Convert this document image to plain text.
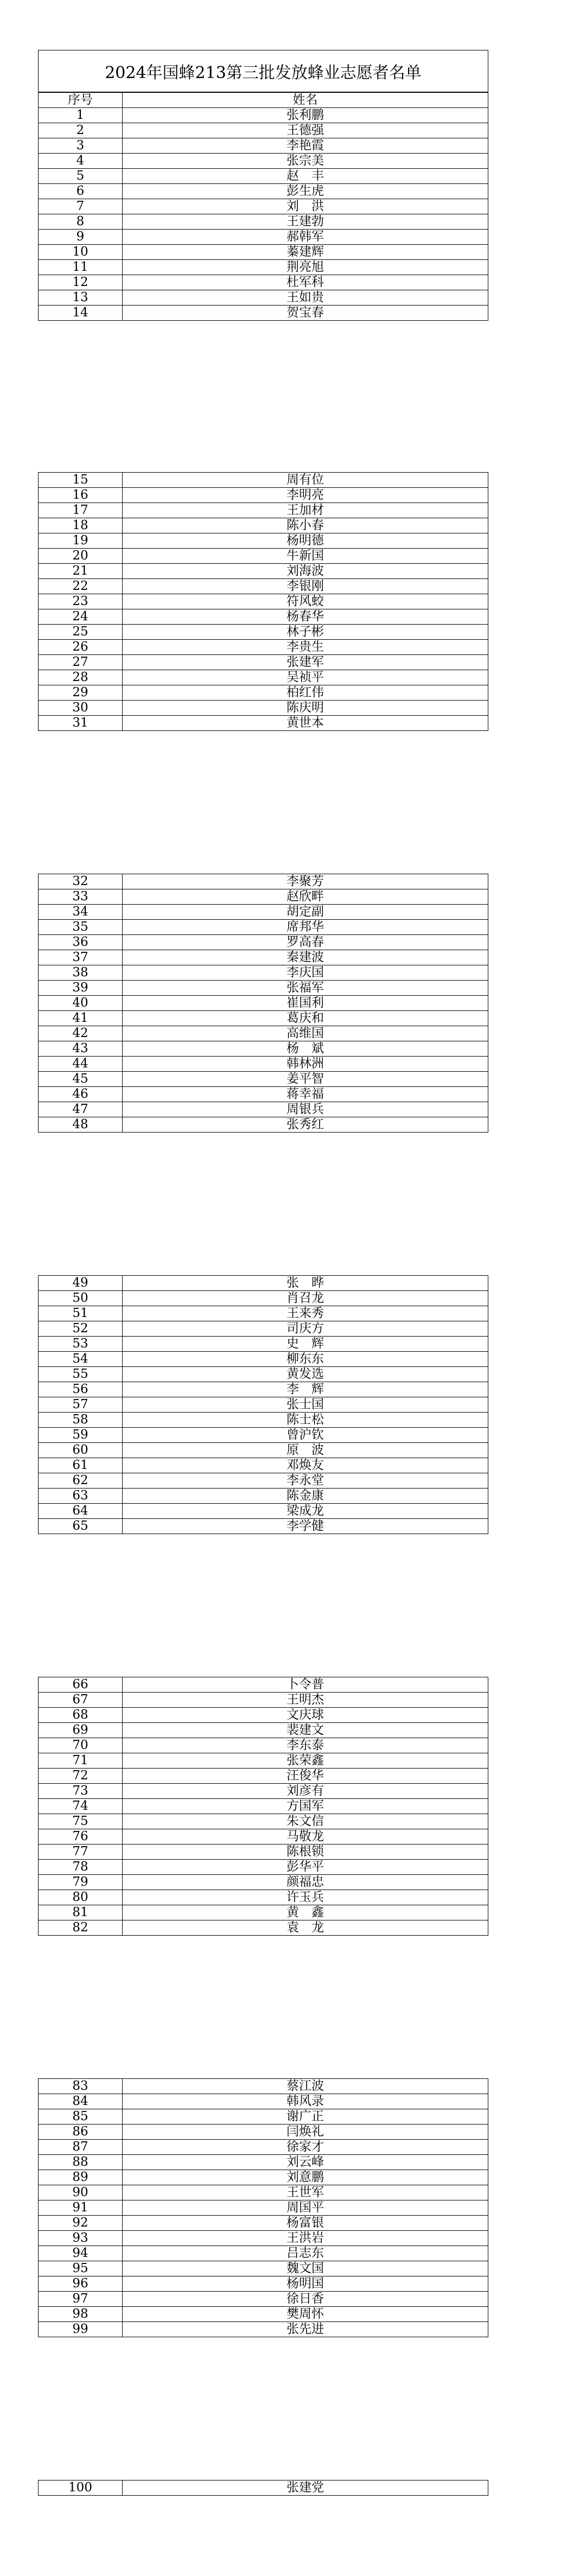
2024年国蜂213第三批发放蜂业志愿者名单
序号	姓名
1	张利鹏
2	王德强
3	李艳霞
4	张宗美
5	赵　丰
6	彭生虎
7	刘　洪
8	王建勃
9	郝韩军
10	蓁建辉
11	荆亮旭
12	杜军科
13	王如贵
14	贺宝春
15	周有位
16	李明亮
17	王加材
18	陈小春
19	杨明德
20	牛新国
21	刘海波
22	李银刚
23	符风蛟
24	杨春华
25	林子彬
26	李贵生
27	张建军
28	吴祯平
29	柏红伟
30	陈庆明
31	黄世本
32	李聚芳
33	赵欣畔
34	胡定副
35	席邦华
36	罗高春
37	秦建波
38	李庆国
39	张福军
40	崔国利
41	葛庆和
42	高维国
43	杨　斌
44	韩林洲
45	姜平智
46	蒋幸福
47	周银兵
48	张秀红
49	张　晔
50	肖召龙
51	王来秀
52	司庆方
53	史　辉
54	柳东东
55	黄发选
56	李　辉
57	张士国
58	陈士松
59	曾沪钦
60	原　波
61	邓焕友
62	李永堂
63	陈金康
64	梁成龙
65	李学健
66	卜令普
67	王明杰
68	文庆球
69	裴建文
70	李东泰
71	张荣鑫
72	汪俊华
73	刘彦有
74	方国军
75	朱文信
76	马敬龙
77	陈根锁
78	彭华平
79	颜福忠
80	许玉兵
81	黄　鑫
82	袁　龙
83	蔡江波
84	韩风录
85	谢广正
86	闫焕礼
87	徐家才
88	刘云峰
89	刘意鹏
90	王世军
91	周国平
92	杨富银
93	王洪岩
94	吕志东
95	魏文国
96	杨明国
97	徐日香
98	樊周怀
99	张先进
100	张建党
